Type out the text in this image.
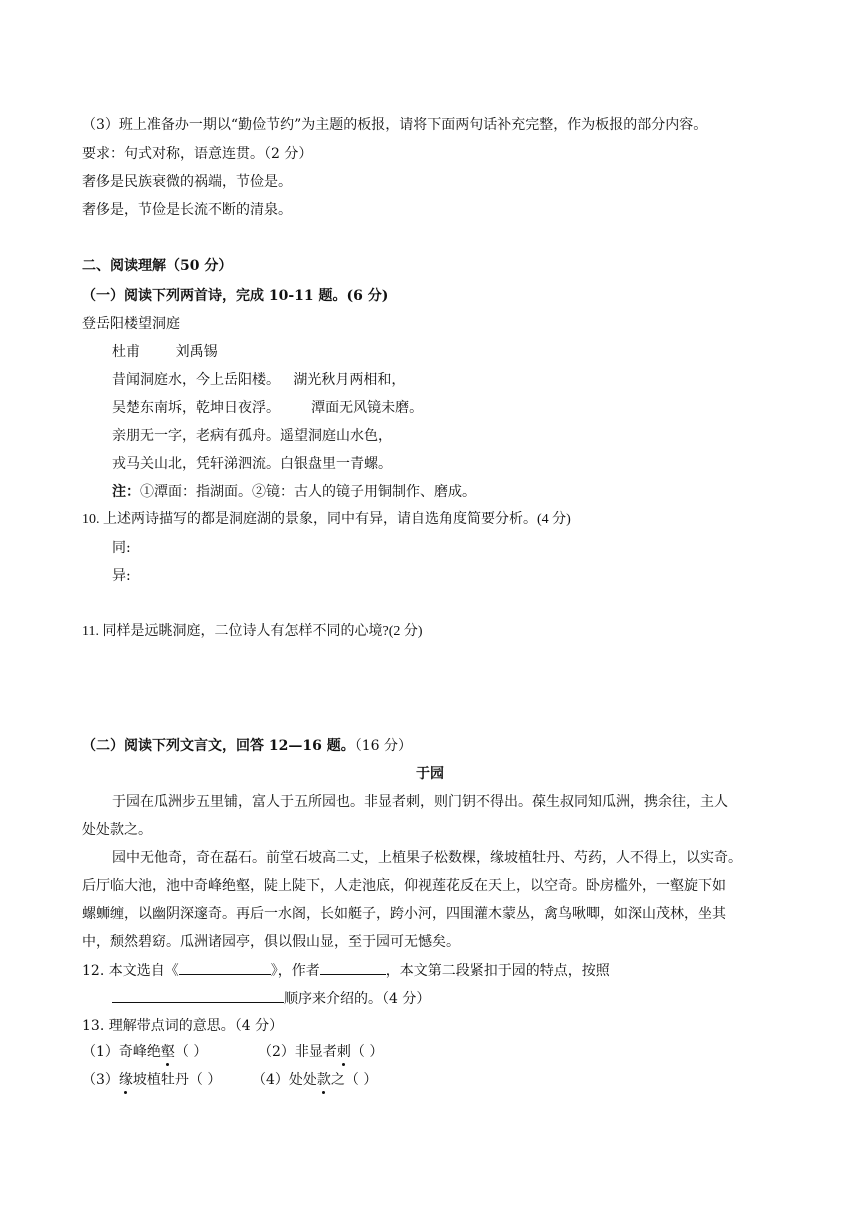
（3）班上准备办一期以“勤俭节约”为主题的板报，请将下面两句话补充完整，作为板报的部分内容。
要求：句式对称，语意连贯。（2 分）
奢侈是民族衰微的祸端，节俭是。
奢侈是，节俭是长流不断的清泉。
二、阅读理解（50 分）
（一）阅读下列两首诗，完成 10-11 题。(6 分)
登岳阳楼望洞庭
杜甫        刘禹锡
昔闻洞庭水，今上岳阳楼。   湖光秋月两相和，
吴楚东南坼，乾坤日夜浮。       潭面无风镜未磨。
亲朋无一字，老病有孤舟。遥望洞庭山水色，
戎马关山北，凭轩涕泗流。白银盘里一青螺。
注：①潭面：指湖面。②镜：古人的镜子用铜制作、磨成。
10. 上述两诗描写的都是洞庭湖的景象，同中有异，请自选角度简要分析。(4 分)
同:
异:
11. 同样是远眺洞庭，二位诗人有怎样不同的心境?(2 分)
（二）阅读下列文言文，回答 12—16 题。（16 分）
于园
于园在瓜洲步五里铺，富人于五所园也。非显者刺，则门钥不得出。葆生叔同知瓜洲，携余往，主人
处处款之。
园中无他奇，奇在磊石。前堂石坡高二丈，上植果子松数棵，缘坡植牡丹、芍药，人不得上，以实奇。
后厅临大池，池中奇峰绝壑，陡上陡下，人走池底，仰视莲花反在天上，以空奇。卧房槛外，一壑旋下如
螺蛳缠，以幽阴深邃奇。再后一水阁，长如艇子，跨小河，四围灌木蒙丛，禽鸟啾唧，如深山茂林，坐其
中，颓然碧窈。瓜洲诸园亭，俱以假山显，至于园可无憾矣。
12. 本文选自《	》，作者	，本文第二段紧扣于园的特点，按照
顺序来介绍的。（4 分）
13. 理解带点词的意思。（4 分）
（1）奇峰绝壑（ ）	（2）非显者刺（ ）
（3）缘坡植牡丹（ ） （4）处处款之（ ）
